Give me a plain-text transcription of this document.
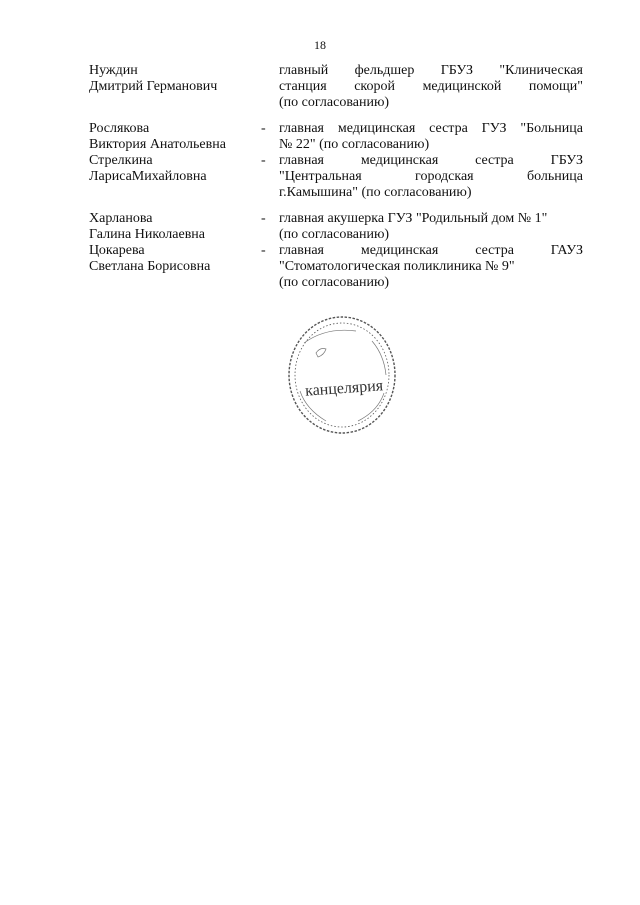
18
Нуждин
Дмитрий Германович
главный фельдшер ГБУЗ "Клиническая
станция скорой медицинской помощи"
(по согласованию)
Рослякова
Виктория Анатольевна
- главная медицинская сестра ГУЗ "Больница
№ 22" (по согласованию)
Стрелкина
ЛарисаМихайловна
- главная медицинская сестра ГБУЗ
"Центральная городская больница
г.Камышина" (по согласованию)
Харланова
Галина Николаевна
- главная акушерка ГУЗ "Родильный дом № 1"
(по согласованию)
Цокарева
Светлана Борисовна
- главная медицинская сестра ГАУЗ
"Стоматологическая поликлиника № 9"
(по согласованию)
канцелярия
